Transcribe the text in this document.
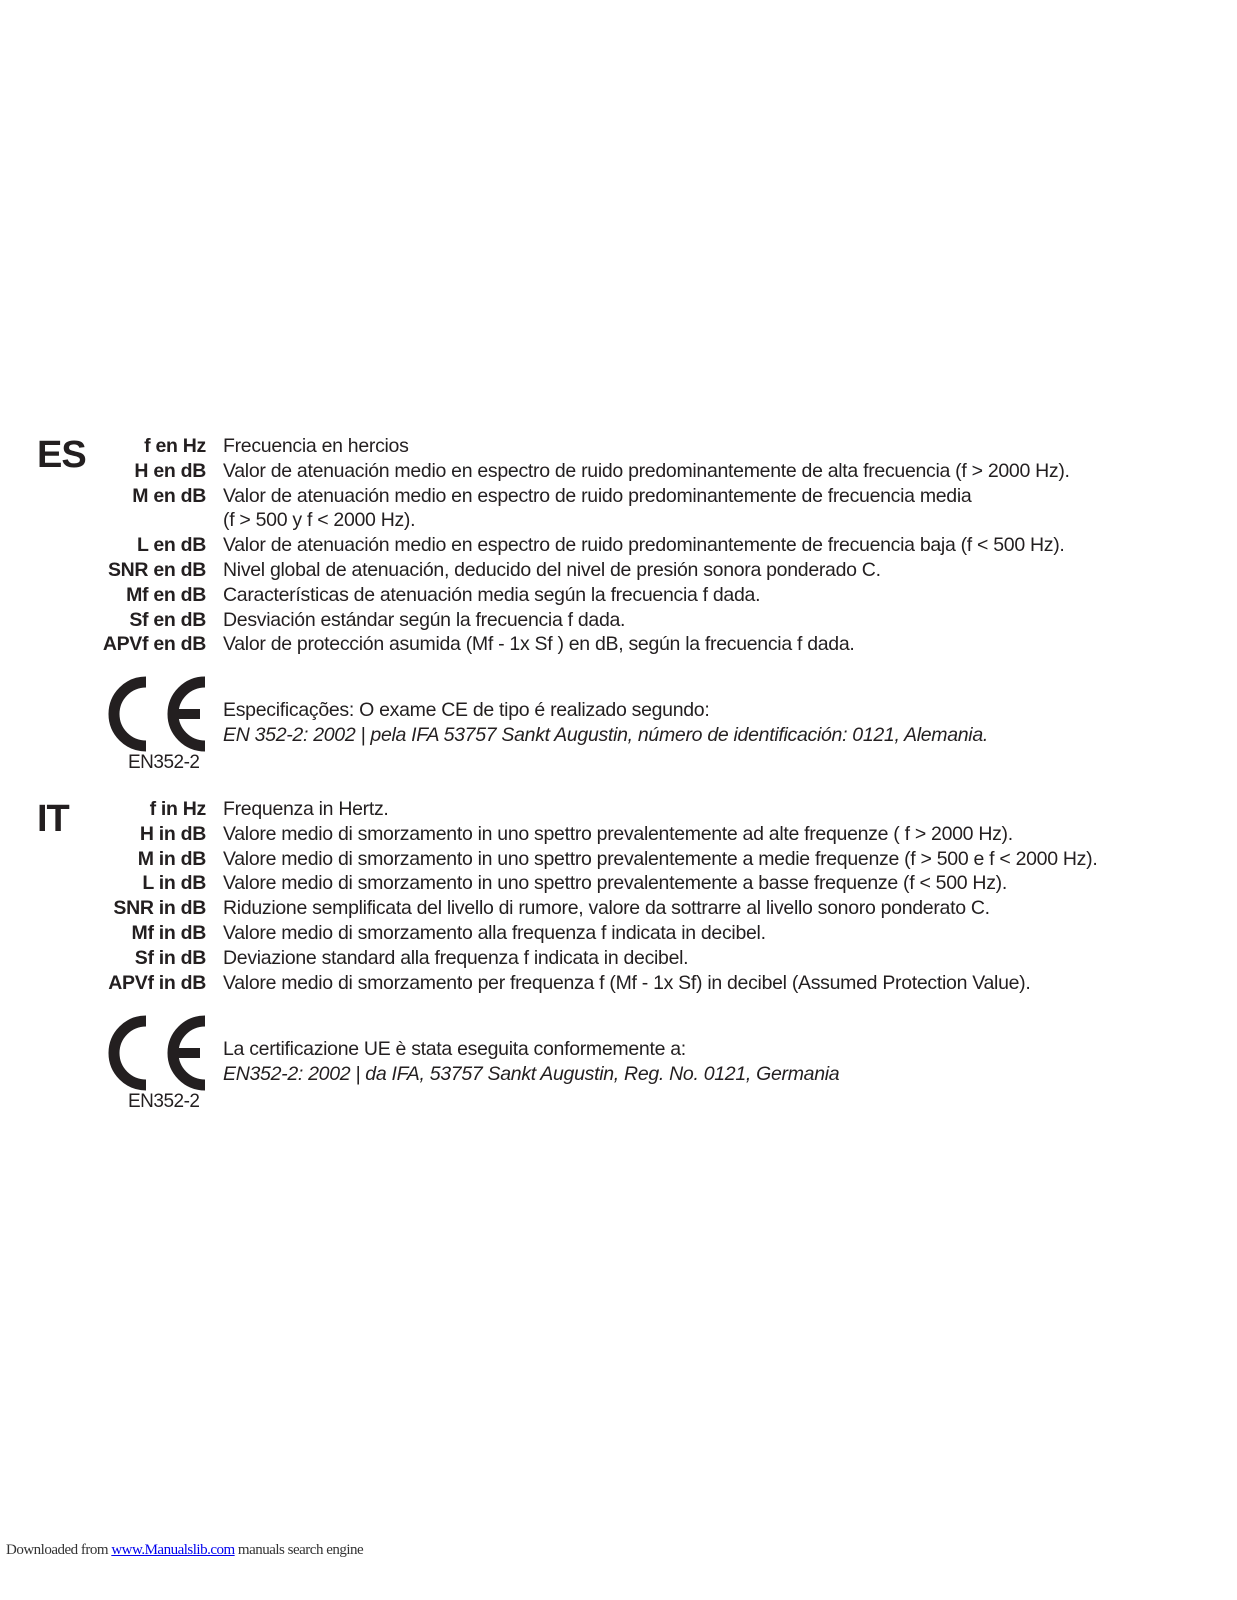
ES	f en Hz Frecuencia en hercios
H en dB Valor de atenuación medio en espectro de ruido predominantemente de alta frecuencia (f > 2000 Hz).
M en dB Valor de atenuación medio en espectro de ruido predominantemente de frecuencia media
(f > 500 y f < 2000 Hz).
L en dB Valor de atenuación medio en espectro de ruido predominantemente de frecuencia baja (f < 500 Hz).
SNR en dB Nivel global de atenuación, deducido del nivel de presión sonora ponderado C.
Mf en dB Características de atenuación media según la frecuencia f dada.
Sf en dB Desviación estándar según la frecuencia f dada.
APVf en dB Valor de protección asumida (Mf - 1x Sf ) en dB, según la frecuencia f dada.
EN352-2
Especificações: O exame CE de tipo é realizado segundo:
EN 352-2: 2002 | pela IFA 53757 Sankt Augustin, número de identificación: 0121, Alemania.
IT	f in Hz Frequenza in Hertz.
H in dB Valore medio di smorzamento in uno spettro prevalentemente ad alte frequenze ( f > 2000 Hz).
M in dB Valore medio di smorzamento in uno spettro prevalentemente a medie frequenze (f > 500 e f < 2000 Hz).
L in dB Valore medio di smorzamento in uno spettro prevalentemente a basse frequenze (f < 500 Hz).
SNR in dB Riduzione semplificata del livello di rumore, valore da sottrarre al livello sonoro ponderato C.
Mf in dB Valore medio di smorzamento alla frequenza f indicata in decibel.
Sf in dB Deviazione standard alla frequenza f indicata in decibel.
APVf in dB Valore medio di smorzamento per frequenza f (Mf - 1x Sf) in decibel (Assumed Protection Value).
EN352-2
La certificazione UE è stata eseguita conformemente a:
EN352-2: 2002 | da IFA, 53757 Sankt Augustin, Reg. No. 0121, Germania
Downloaded from www.Manualslib.com manuals search engine
